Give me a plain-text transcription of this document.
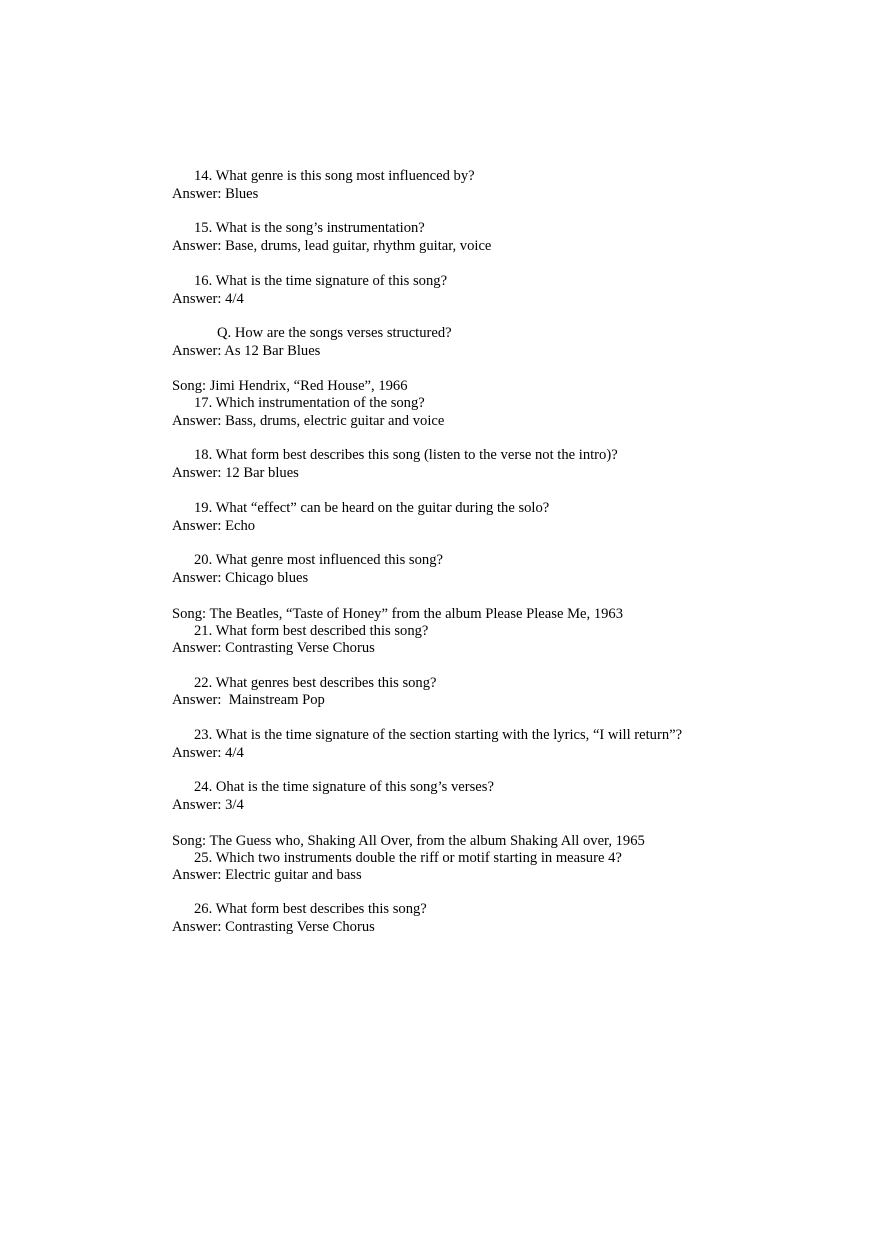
14. What genre is this song most influenced by?
Answer: Blues
15. What is the song’s instrumentation?
Answer: Base, drums, lead guitar, rhythm guitar, voice
16. What is the time signature of this song?
Answer: 4/4
Q. How are the songs verses structured?
Answer: As 12 Bar Blues
Song: Jimi Hendrix, “Red House”, 1966
17. Which instrumentation of the song?
Answer: Bass, drums, electric guitar and voice
18. What form best describes this song (listen to the verse not the intro)?
Answer: 12 Bar blues
19. What “effect” can be heard on the guitar during the solo?
Answer: Echo
20. What genre most influenced this song?
Answer: Chicago blues
Song: The Beatles, “Taste of Honey” from the album Please Please Me, 1963
21. What form best described this song?
Answer: Contrasting Verse Chorus
22. What genres best describes this song?
Answer:  Mainstream Pop
23. What is the time signature of the section starting with the lyrics, “I will return”?
Answer: 4/4
24. Ohat is the time signature of this song’s verses?
Answer: 3/4
Song: The Guess who, Shaking All Over, from the album Shaking All over, 1965
25. Which two instruments double the riff or motif starting in measure 4?
Answer: Electric guitar and bass
26. What form best describes this song?
Answer: Contrasting Verse Chorus
